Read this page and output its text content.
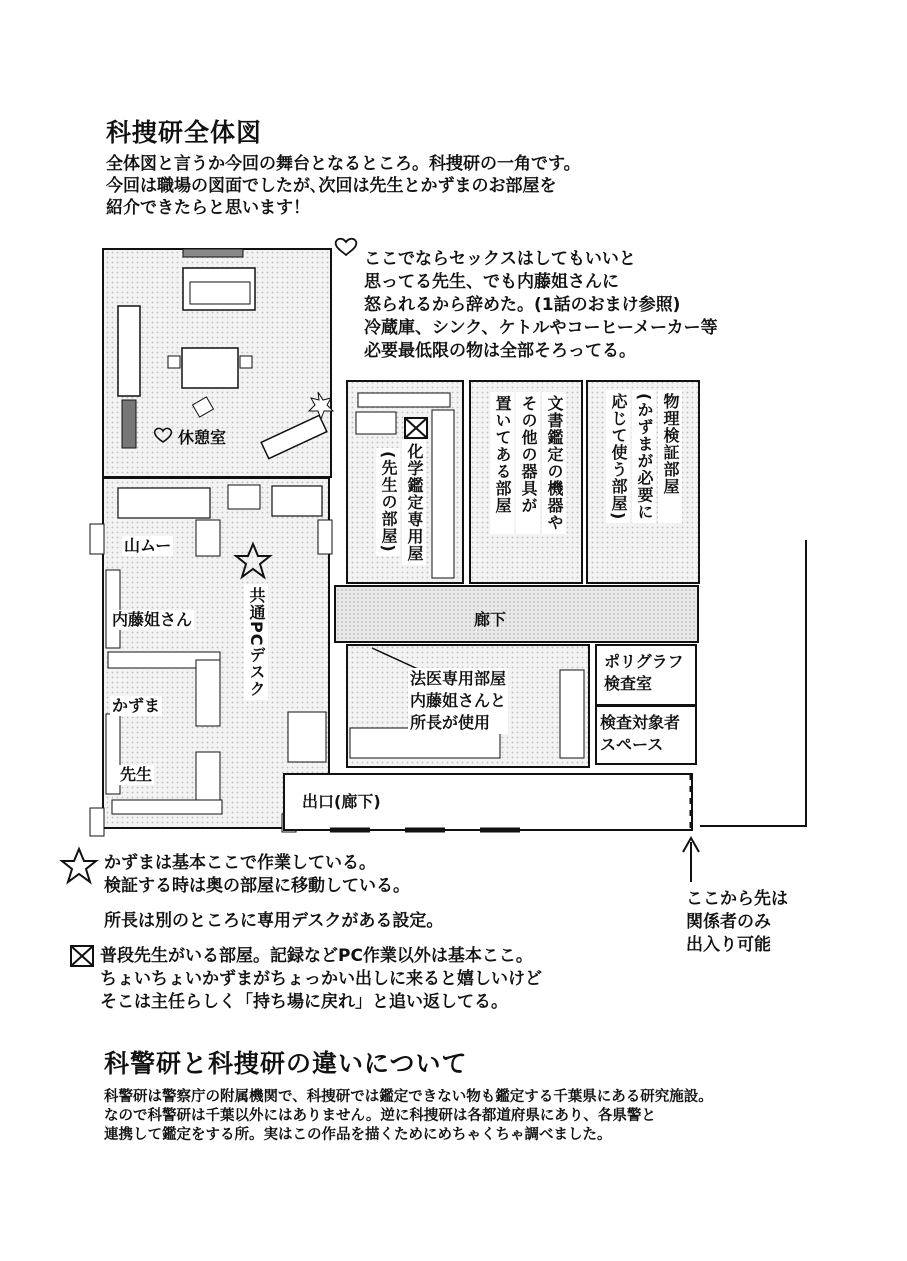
科捜研全体図
全体図と言うか今回の舞台となるところ。科捜研の一角です。
今回は職場の図面でしたが､次回は先生とかずまのお部屋を
紹介できたらと思います！
ここでならセックスはしてもいいと
思ってる先生、でも内藤姐さんに
怒られるから辞めた。(1話のおまけ参照)
冷蔵庫、シンク、ケトルやコーヒーメーカー等
必要最低限の物は全部そろってる。
休憩室
山ムー
内藤姐さん
かずま
先生
共通PCデスク
化学鑑定専用屋
(先生の部屋)	文書鑑定の機器や
その他の器具が
置いてある部屋	物理検証部屋
(かずまが必要に
応じて使う部屋)
廊下
法医専用部屋
内藤姐さんと
所長が使用
ポリグラフ
検査室
検査対象者
スペース
出口(廊下)
ここから先は
関係者のみ
出入り可能
かずまは基本ここで作業している。
検証する時は奥の部屋に移動している。
所長は別のところに専用デスクがある設定。
普段先生がいる部屋。記録などPC作業以外は基本ここ。
ちょいちょいかずまがちょっかい出しに来ると嬉しいけど
そこは主任らしく「持ち場に戻れ」と追い返してる。
科警研と科捜研の違いについて
科警研は警察庁の附属機関で、科捜研では鑑定できない物も鑑定する千葉県にある研究施設。
なので科警研は千葉以外にはありません。逆に科捜研は各都道府県にあり、各県警と
連携して鑑定をする所。実はこの作品を描くためにめちゃくちゃ調べました。
